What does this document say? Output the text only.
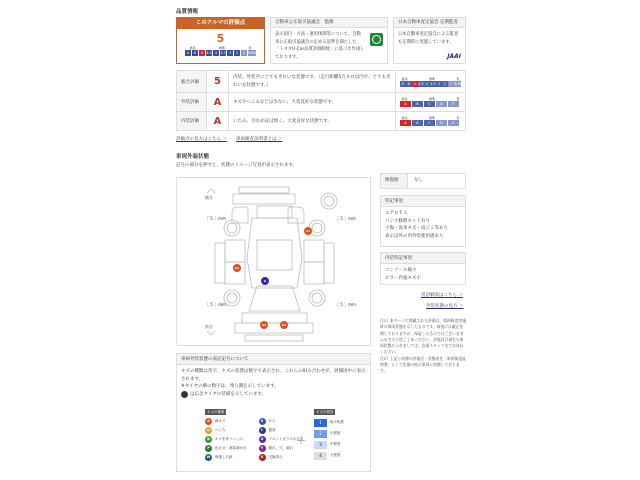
品質情報
このクルマの評価点
5
最高	標準	低
S	6	5 4.5 4 3.5 3	2	1 R/RA
自動車公正取引協議会　監修
表示項目・方法・運用体制等について、自動車公正取引協議会の定める基準を満たした「トヨタU-Car品質評価制度」に基づき作成しております。
日本自動車査定協会 定期監査
日本自動車査定協会による監査も定期的に実施しています。
JAAI
総合評価	5	内装、外装共にとてもきれいな状態です。（走行距離5万キロ以内で、とてもきれいな状態です。）	
最高	標準	低
S	6	5 4.5 4 3.5 3	2	1 R/RA

外装評価	A	キズやへこみなどは少ない、大変良好な状態です。	
最高	標準	低
A	B	C	D	E

内装評価	A	いたみ、汚れがほぼ無く、大変良好な状態です。	
最高	標準	低
A	B	C	D	E
評価点の見方はこちら ＞ 車両検査証明書とは ＞
車両外装状態
記号の部分を押すと、状態のイメージ写真が表示されます。
後方
前方
［ 5 ］mm	［ 5 ］mm
［ 5 ］mm	［ 5 ］mm
A1
A1
G
A1	A1
修復歴	なし
特記事項
エアロＴＡ
パンク修理キット有り
小傷・洗車キズ・雨ジミ等あり
表示以外の内外装使用感あり
内装特記事項
コンソール傷小
ピラー内張キズ小
用語解説はこちら ＞
外装状態の見方 ＞
注1）本ページに掲載された評価は、車両検査実施時の車両状態を示したものです。検査には厳正を期しておりますが、保証したものではございませんのでその旨ご了承ください。評価及び現在の車両状態につきましては、店頭スタッフまでお尋ねください。
注2）上記と同様の評価点・状態表を「車両検査証明書」として店頭の展示車両に装備しております。
車両外装状態の表記記号について
キズの種類は英字、キズの状態は数字で表示され、これらの組み合わせが、展開図中に表示されます。
※タイヤの横の数字は、残り溝を示しています。
は応急タイヤの装備を示しています。
キズの種類
A	線キズ
U	へこみ
B	キズを伴うへこみ
P	色あせ・塗装剥がれ
W	修復した跡
S	サビ
C	腐食
G	フロントガラスのキズ
Y	割れ、穴、破れ
X	交換済み
＋
キズの程度
1	極小程度
2	小程度
3	中程度
4	大程度
